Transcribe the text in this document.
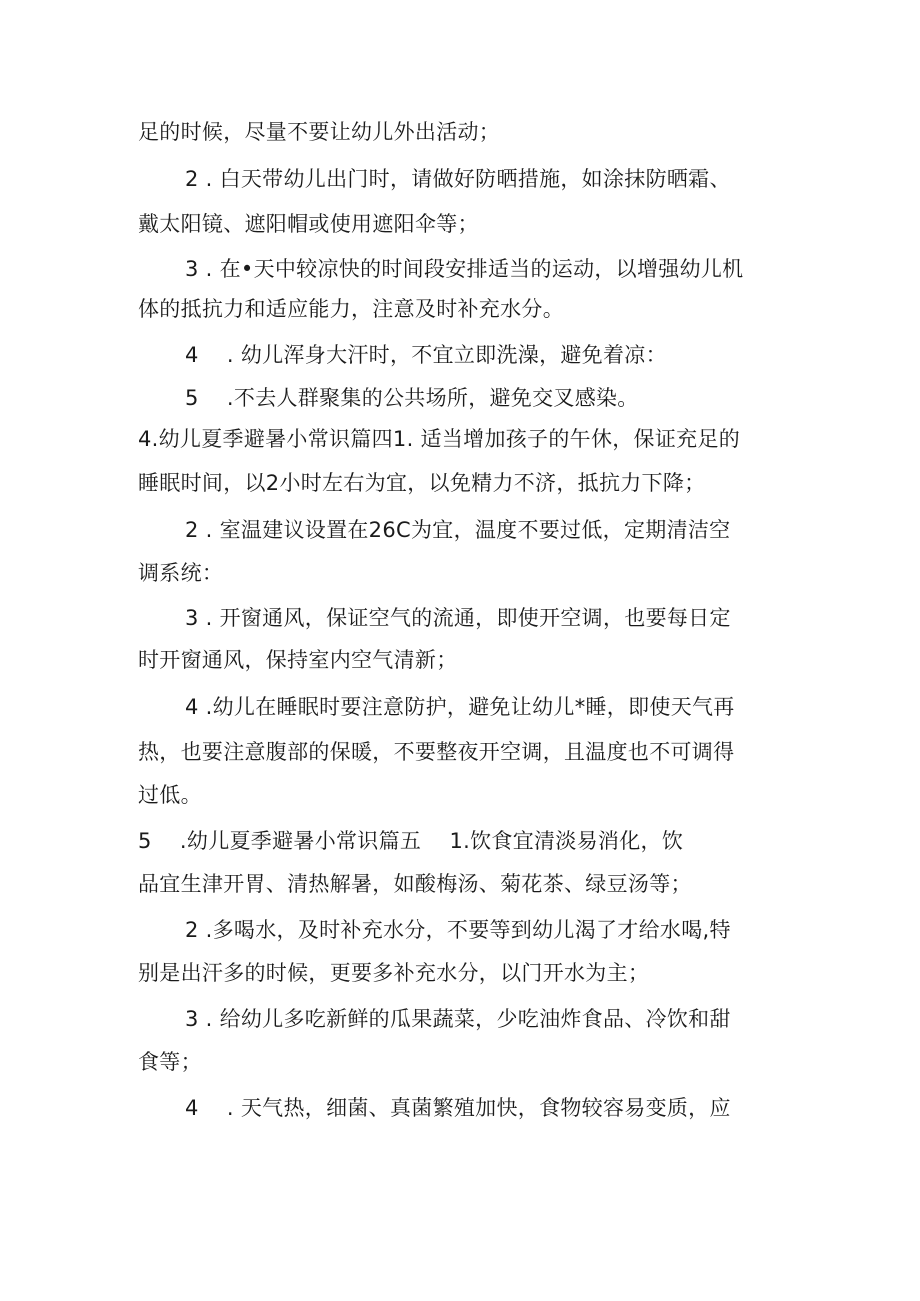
足的时候，尽量不要让幼儿外出活动；
2 . 白天带幼儿出门时，请做好防晒措施，如涂抹防晒霜、
戴太阳镜、遮阳帽或使用遮阳伞等；
3 . 在•天中较凉快的时间段安排适当的运动，以增强幼儿机
体的抵抗力和适应能力，注意及时补充水分。
4 　. 幼儿浑身大汗时，不宜立即洗澡，避免着凉：
5 　.不去人群聚集的公共场所，避免交叉感染。
4.幼儿夏季避暑小常识篇四1. 适当增加孩子的午休，保证充足的
睡眠时间，以2小时左右为宜，以免精力不济，抵抗力下降；
2 . 室温建议设置在26C为宜，温度不要过低，定期清洁空
调系统：
3 . 开窗通风，保证空气的流通，即使开空调，也要每日定
时开窗通风，保持室内空气清新；
4 .幼儿在睡眠时要注意防护，避免让幼儿*睡，即使天气再
热，也要注意腹部的保暖，不要整夜开空调，且温度也不可调得
过低。
5 　.幼儿夏季避暑小常识篇五 　1.饮食宜清淡易消化，饮
品宜生津开胃、清热解暑，如酸梅汤、菊花茶、绿豆汤等；
2 .多喝水，及时补充水分，不要等到幼儿渴了才给水喝,特
别是出汗多的时候，更要多补充水分，以门开水为主；
3 . 给幼儿多吃新鲜的瓜果蔬菜，少吃油炸食品、冷饮和甜
食等；
4 　. 天气热，细菌、真菌繁殖加快，食物较容易变质，应
